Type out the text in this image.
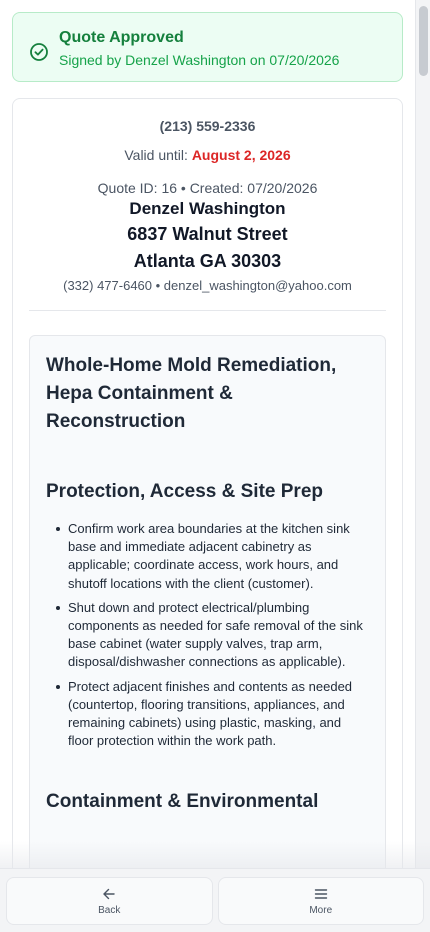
Quote Approved
Signed by Denzel Washington on 07/20/2026
(213) 559-2336
Valid until: August 2, 2026
Quote ID: 16 • Created: 07/20/2026
Denzel Washington
6837 Walnut Street
Atlanta GA 30303
(332) 477-6460 • denzel_washington@yahoo.com
Whole-Home Mold Remediation, Hepa Containment & Reconstruction
Protection, Access & Site Prep
Confirm work area boundaries at the kitchen sink base and immediate adjacent cabinetry as applicable; coordinate access, work hours, and shutoff locations with the client (customer).
Shut down and protect electrical/plumbing components as needed for safe removal of the sink base cabinet (water supply valves, trap arm, disposal/dishwasher connections as applicable).
Protect adjacent finishes and contents as needed (countertop, flooring transitions, appliances, and remaining cabinets) using plastic, masking, and floor protection within the work path.
Containment & Environmental
Back	More
